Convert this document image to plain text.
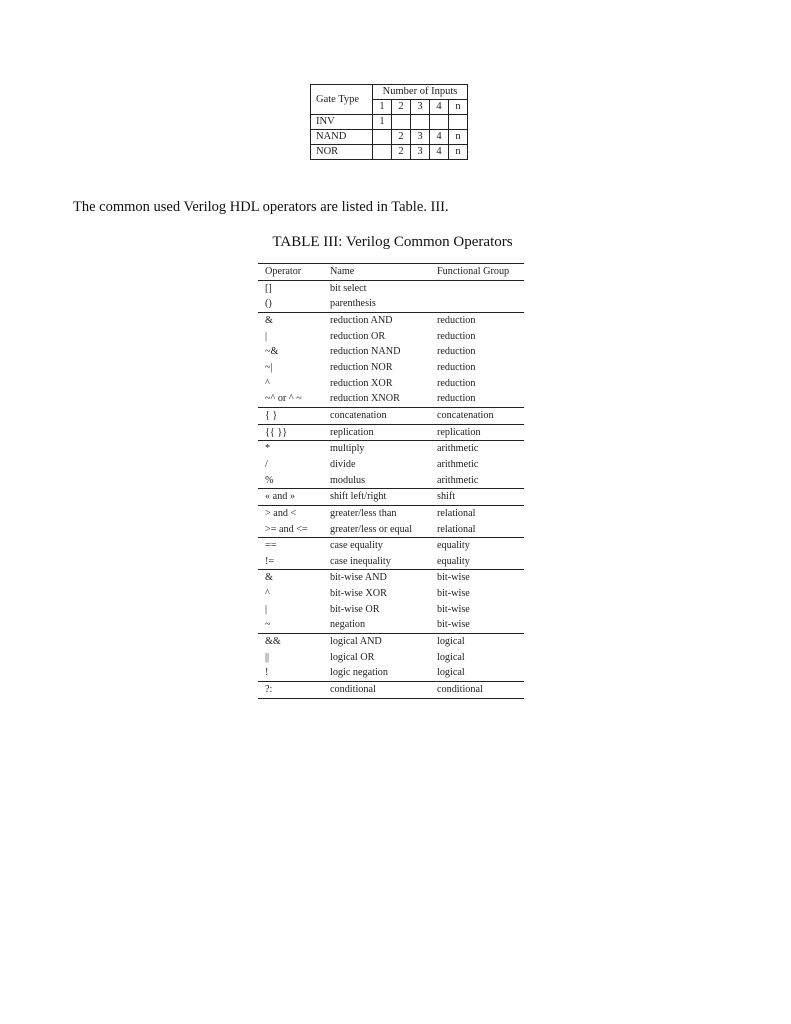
Gate Type	Number of Inputs				
	1	2	3	4	n
INV	1				
NAND		2	3	4	n
NOR		2	3	4	n
The common used Verilog HDL operators are listed in Table. III.
TABLE III: Verilog Common Operators
Operator	Name	Functional Group
[]	bit select	
()	parenthesis	
&	reduction AND	reduction
|	reduction OR	reduction
~&	reduction NAND	reduction
~|	reduction NOR	reduction
^	reduction XOR	reduction
~^ or ^ ~	reduction XNOR	reduction
{ }	concatenation	concatenation
{{ }}	replication	replication
*	multiply	arithmetic
/	divide	arithmetic
%	modulus	arithmetic
« and »	shift left/right	shift
> and <	greater/less than	relational
>= and <=	greater/less or equal	relational
==	case equality	equality
!=	case inequality	equality
&	bit-wise AND	bit-wise
^	bit-wise XOR	bit-wise
|	bit-wise OR	bit-wise
~	negation	bit-wise
&&	logical AND	logical
||	logical OR	logical
!	logic negation	logical
?:	conditional	conditional
